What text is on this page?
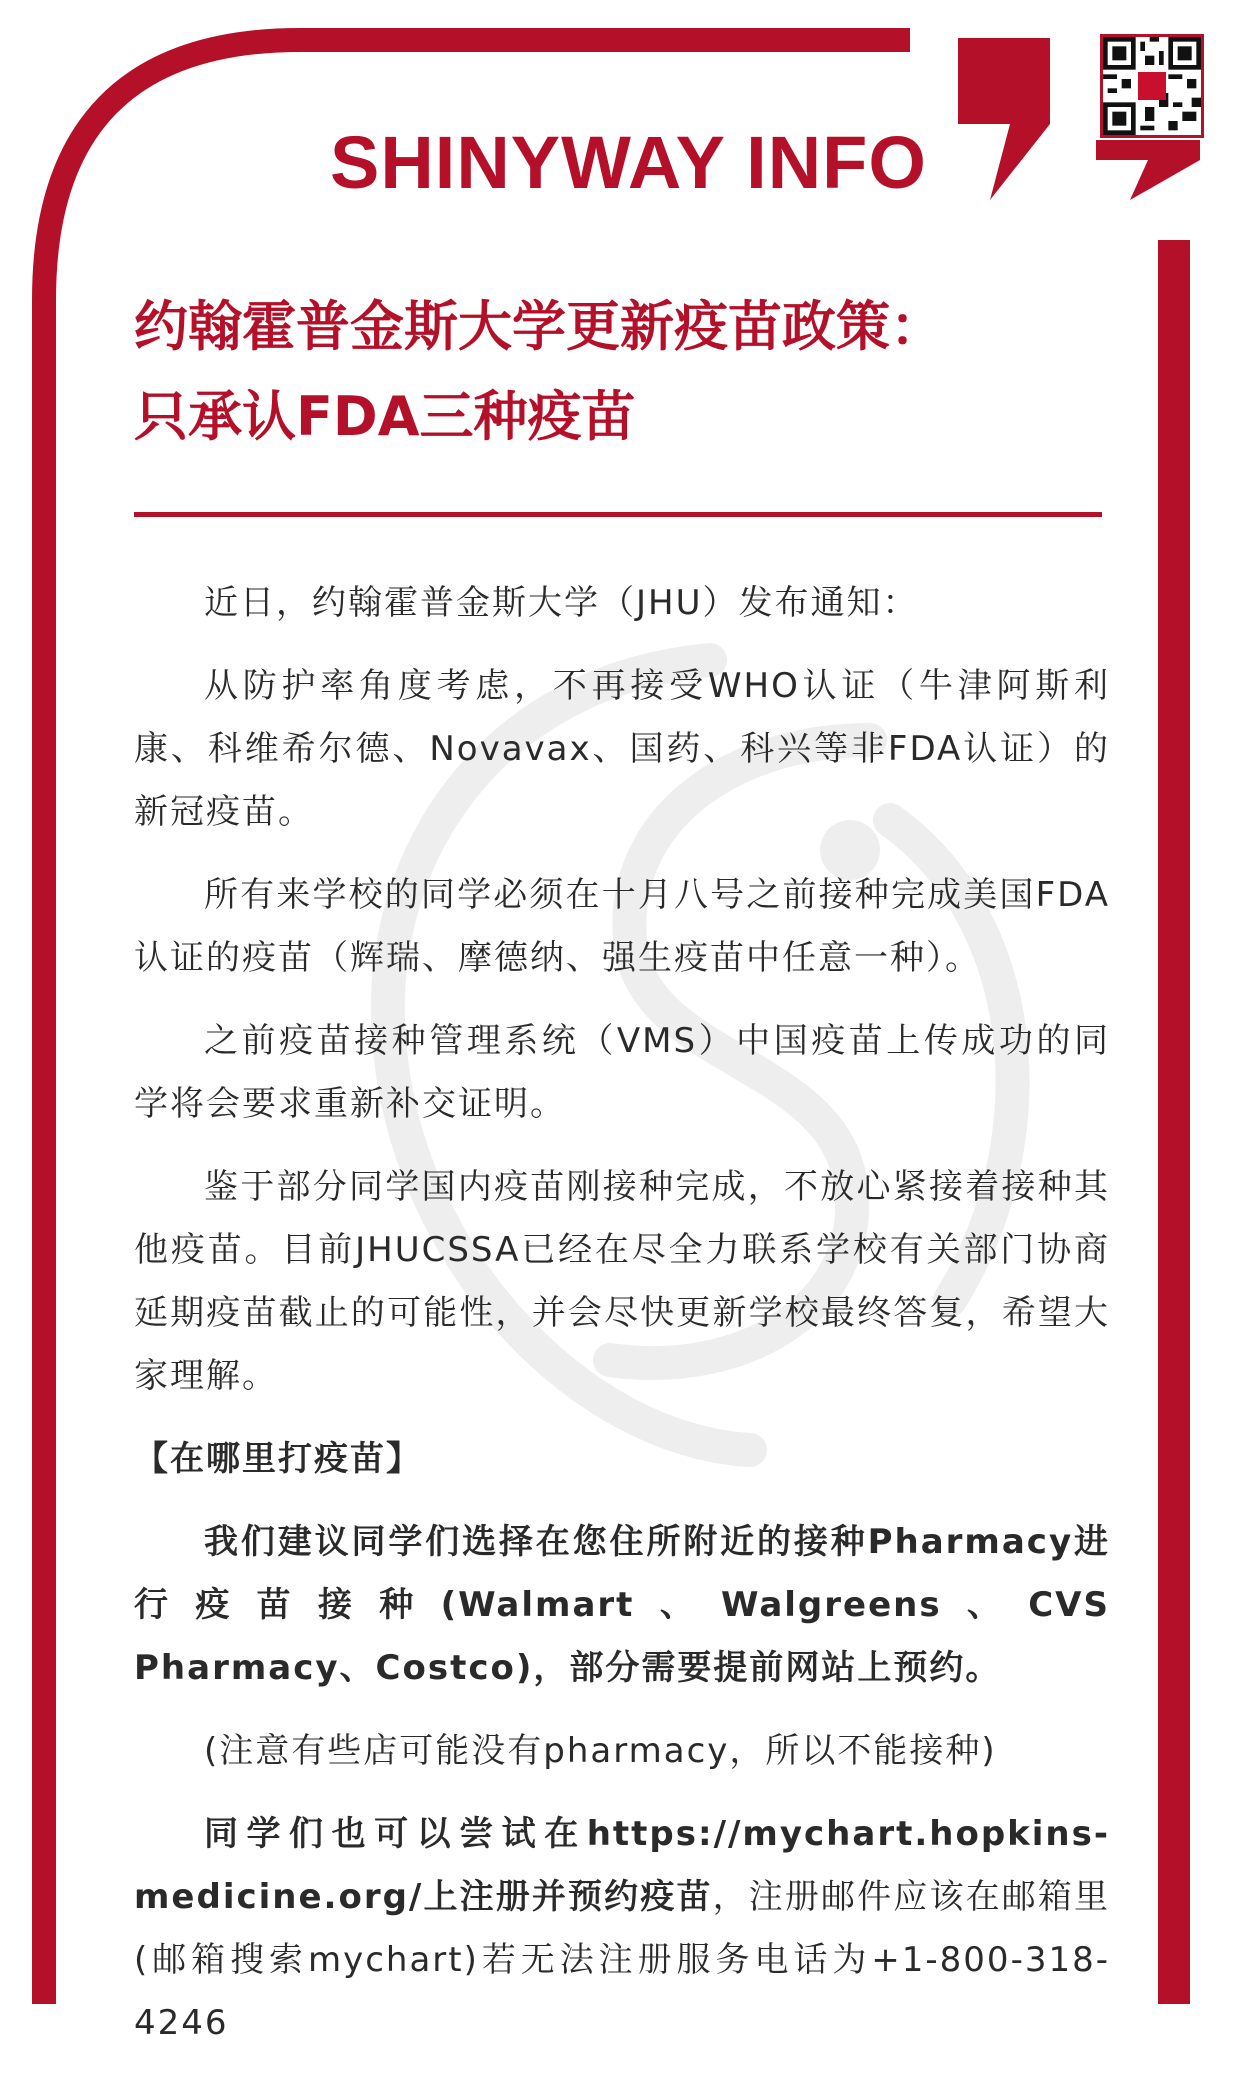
SHINYWAY INFO
约翰霍普金斯大学更新疫苗政策：
只承认FDA三种疫苗

近日，约翰霍普金斯大学（JHU）发布通知：

从防护率角度考虑，不再接受WHO认证（牛津阿斯利康、科维希尔德、Novavax、国药、科兴等非FDA认证）的新冠疫苗。

所有来学校的同学必须在十月八号之前接种完成美国FDA认证的疫苗（辉瑞、摩德纳、强生疫苗中任意一种）。

之前疫苗接种管理系统（VMS）中国疫苗上传成功的同学将会要求重新补交证明。

鉴于部分同学国内疫苗刚接种完成，不放心紧接着接种其他疫苗。目前JHUCSSA已经在尽全力联系学校有关部门协商延期疫苗截止的可能性，并会尽快更新学校最终答复，希望大家理解。

【在哪里打疫苗】

我们建议同学们选择在您住所附近的接种Pharmacy进行疫苗接种(Walmart、Walgreens、CVS Pharmacy、Costco)，部分需要提前网站上预约。

(注意有些店可能没有pharmacy，所以不能接种)

同学们也可以尝试在https://mychart.hopkins-medicine.org/上注册并预约疫苗，注册邮件应该在邮箱里(邮箱搜索mychart)若无法注册服务电话为+1-800-318-4246
